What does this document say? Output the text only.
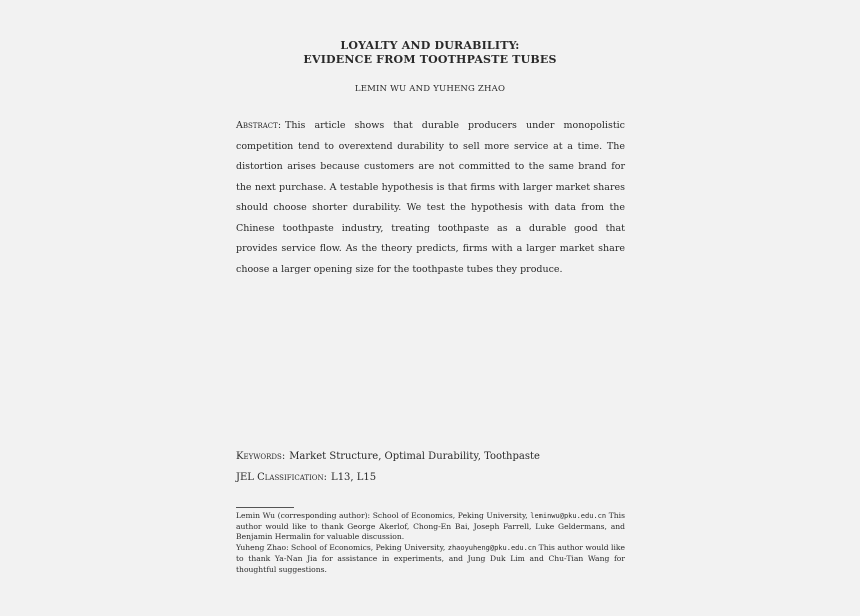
LOYALTY AND DURABILITY:
EVIDENCE FROM TOOTHPASTE TUBES
LEMIN WU AND YUHENG ZHAO
Abstract: This article shows that durable producers under monopolistic competition tend to overextend durability to sell more service at a time. The distortion arises because customers are not committed to the same brand for the next purchase. A testable hypothesis is that firms with larger market shares should choose shorter durability. We test the hypothesis with data from the Chinese toothpaste industry, treating toothpaste as a durable good that provides service flow. As the theory predicts, firms with a larger market share choose a larger opening size for the toothpaste tubes they produce.
Keywords: Market Structure, Optimal Durability, Toothpaste
JEL Classification: L13, L15
Lemin Wu (corresponding author): School of Economics, Peking University, leminwu@pku.edu.cn This author would like to thank George Akerlof, Chong-En Bai, Joseph Farrell, Luke Geldermans, and Benjamin Hermalin for valuable discussion.
Yuheng Zhao: School of Economics, Peking University, zhaoyuheng@pku.edu.cn This author would like to thank Ya-Nan Jia for assistance in experiments, and Jung Duk Lim and Chu-Tian Wang for thoughtful suggestions.
